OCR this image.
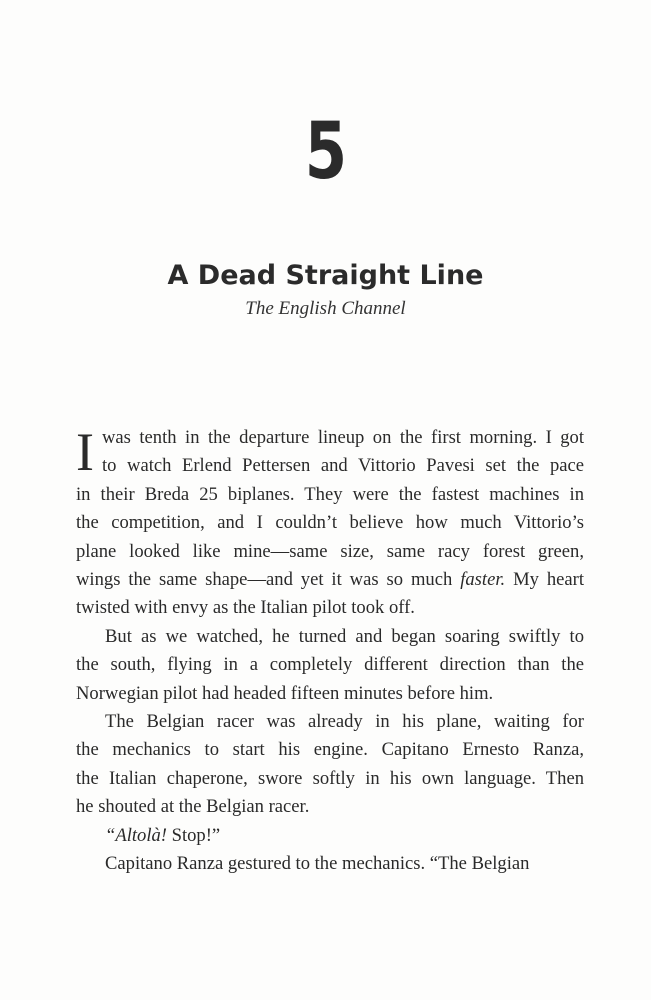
5
A Dead Straight Line
The English Channel
I was tenth in the departure lineup on the first morning. I got
to watch Erlend Pettersen and Vittorio Pavesi set the pace
in their Breda 25 biplanes. They were the fastest machines in
the competition, and I couldn’t believe how much Vittorio’s
plane looked like mine—same size, same racy forest green,
wings the same shape—and yet it was so much faster. My heart
twisted with envy as the Italian pilot took off.
But as we watched, he turned and began soaring swiftly to
the south, flying in a completely different direction than the
Norwegian pilot had headed fifteen minutes before him.
The Belgian racer was already in his plane, waiting for
the mechanics to start his engine. Capitano Ernesto Ranza,
the Italian chaperone, swore softly in his own language. Then
he shouted at the Belgian racer.
“Altolà! Stop!”
Capitano Ranza gestured to the mechanics. “The Belgian
